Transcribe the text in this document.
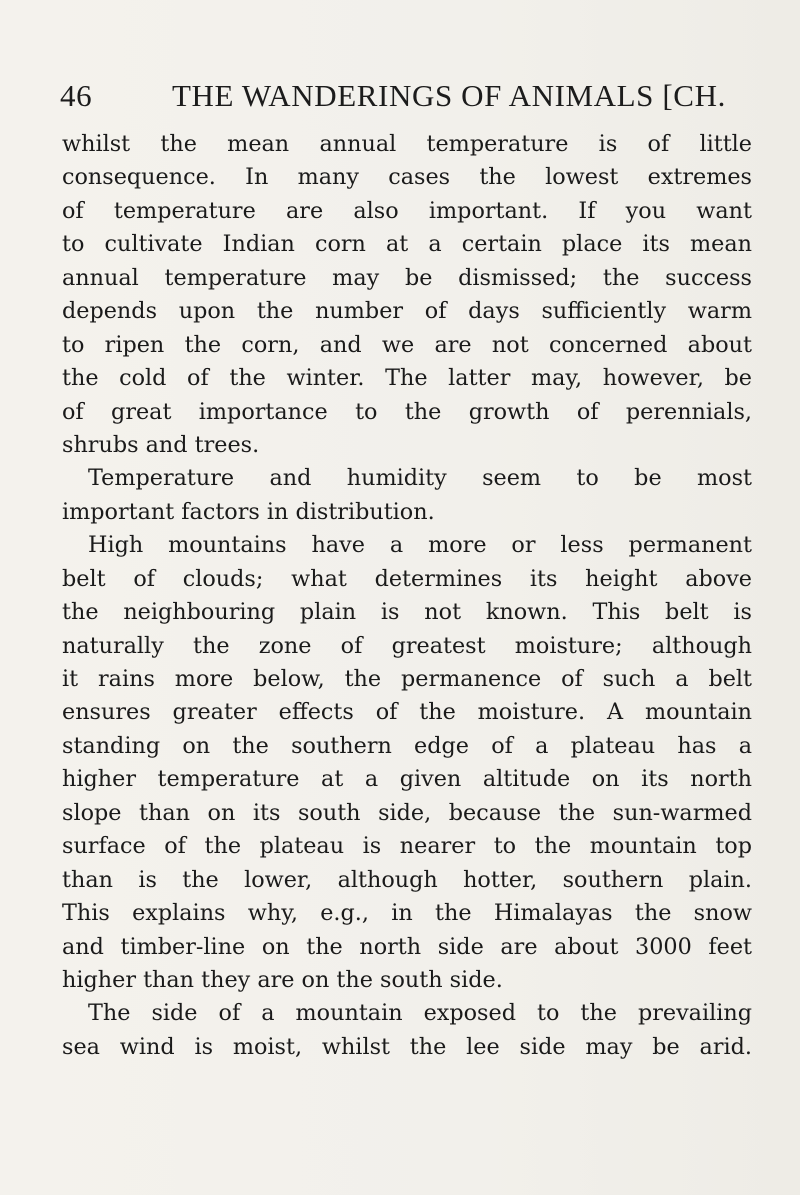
46	THE WANDERINGS OF ANIMALS [CH.
whilst the mean annual temperature is of little
consequence. In many cases the lowest extremes
of temperature are also important. If you want
to cultivate Indian corn at a certain place its mean
annual temperature may be dismissed; the success
depends upon the number of days sufficiently warm
to ripen the corn, and we are not concerned about
the cold of the winter. The latter may, however, be
of great importance to the growth of perennials,
shrubs and trees.
Temperature and humidity seem to be most
important factors in distribution.
High mountains have a more or less permanent
belt of clouds; what determines its height above
the neighbouring plain is not known. This belt is
naturally the zone of greatest moisture; although
it rains more below, the permanence of such a belt
ensures greater effects of the moisture. A mountain
standing on the southern edge of a plateau has a
higher temperature at a given altitude on its north
slope than on its south side, because the sun-warmed
surface of the plateau is nearer to the mountain top
than is the lower, although hotter, southern plain.
This explains why, e.g., in the Himalayas the snow
and timber-line on the north side are about 3000 feet
higher than they are on the south side.
The side of a mountain exposed to the prevailing
sea wind is moist, whilst the lee side may be arid.
